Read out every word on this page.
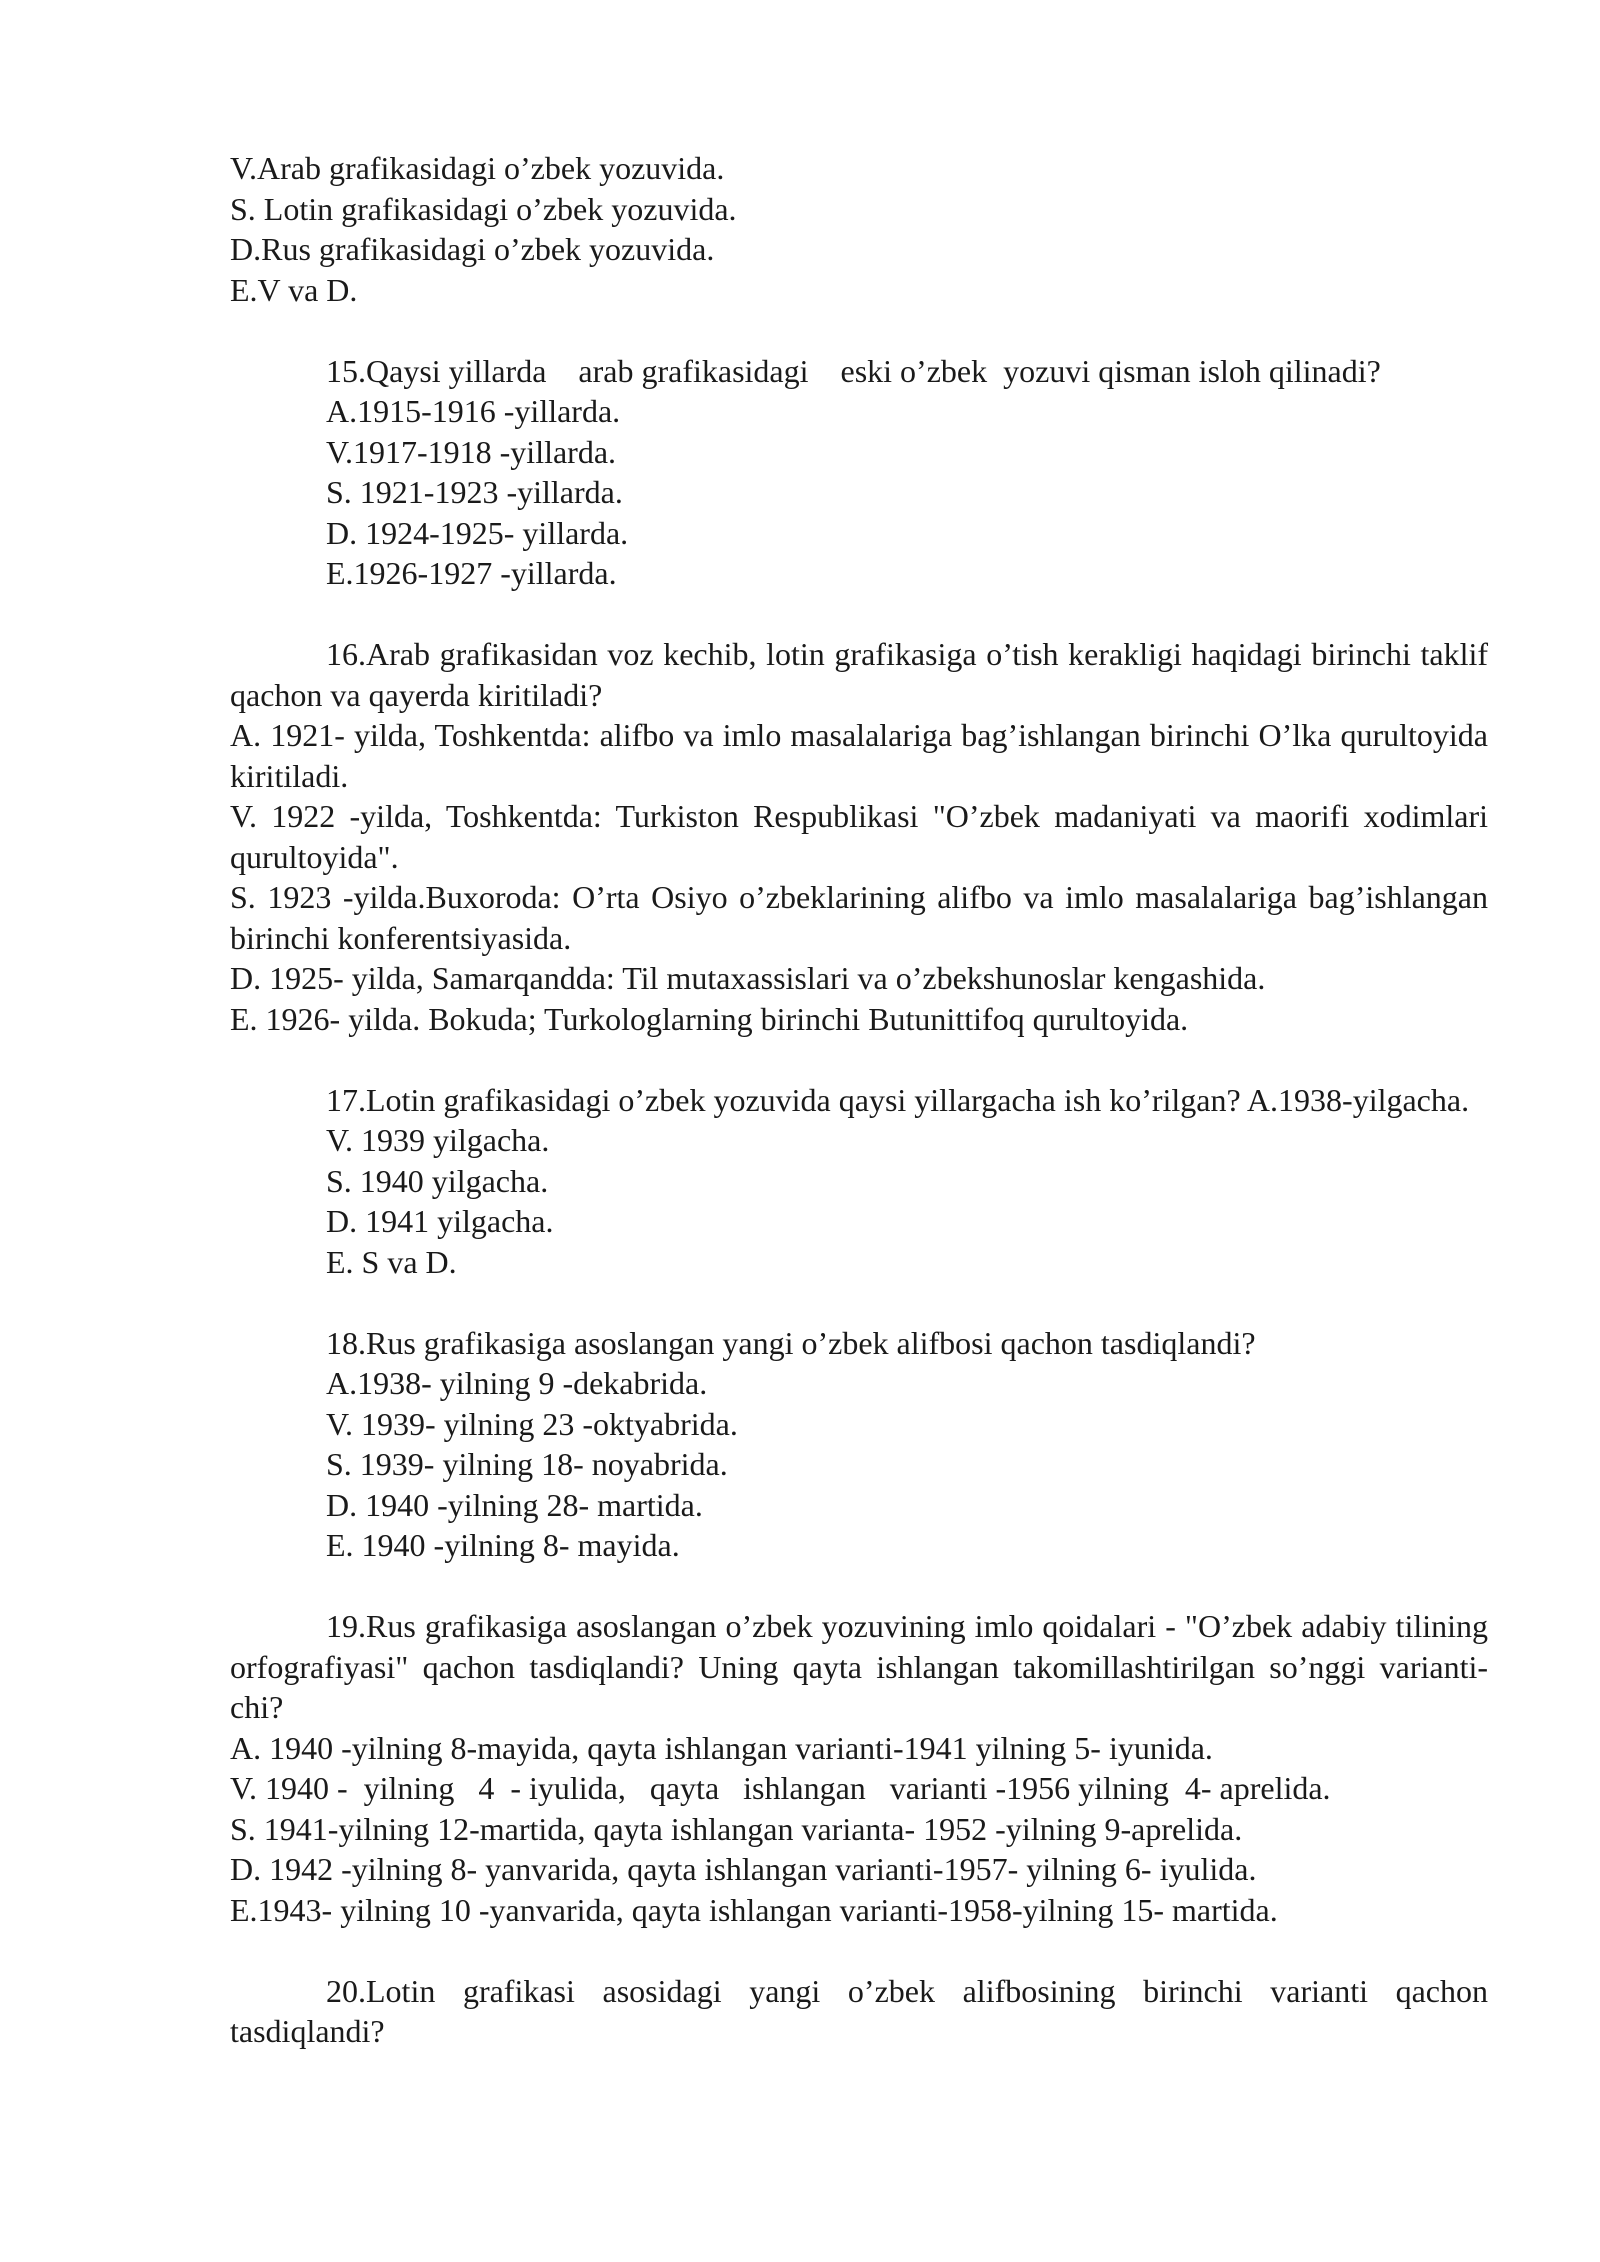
V.Arab grafikasidagi o’zbek yozuvida.
S. Lotin grafikasidagi o’zbek yozuvida.
D.Rus grafikasidagi o’zbek yozuvida.
E.V va D.
15.Qaysi yillarda    arab grafikasidagi    eski o’zbek  yozuvi qisman isloh qilinadi?
A.1915-1916 -yillarda.
V.1917-1918 -yillarda.
S. 1921-1923 -yillarda.
D. 1924-1925- yillarda.
E.1926-1927 -yillarda.
16.Arab grafikasidan voz kechib, lotin grafikasiga o’tish kerakligi haqidagi birinchi taklif qachon va qayerda kiritiladi?
A. 1921- yilda, Toshkentda: alifbo va imlo masalalariga bag’ishlangan birinchi O’lka qurultoyida kiritiladi.
V. 1922 -yilda, Toshkentda: Turkiston Respublikasi "O’zbek madaniyati va maorifi xodimlari qurultoyida".
S. 1923 -yilda.Buxoroda: O’rta Osiyo o’zbeklarining alifbo va imlo masalalariga bag’ishlangan birinchi konferentsiyasida.
D. 1925- yilda, Samarqandda: Til mutaxassislari va o’zbekshunoslar kengashida.
E. 1926- yilda. Bokuda; Turkologlarning birinchi Butunittifoq qurultoyida.
17.Lotin grafikasidagi o’zbek yozuvida qaysi yillargacha ish ko’rilgan? A.1938-yilgacha.
V. 1939 yilgacha.
S. 1940 yilgacha.
D. 1941 yilgacha.
E. S va D.
18.Rus grafikasiga asoslangan yangi o’zbek alifbosi qachon tasdiqlandi?
A.1938- yilning 9 -dekabrida.
V. 1939- yilning 23 -oktyabrida.
S. 1939- yilning 18- noyabrida.
D. 1940 -yilning 28- martida.
E. 1940 -yilning 8- mayida.
19.Rus grafikasiga asoslangan o’zbek yozuvining imlo qoidalari - "O’zbek adabiy tilining orfografiyasi" qachon tasdiqlandi? Uning qayta ishlangan takomillashtirilgan so’nggi varianti-chi?
A. 1940 -yilning 8-mayida, qayta ishlangan varianti-1941 yilning 5- iyunida.
V. 1940 -  yilning   4  - iyulida,   qayta   ishlangan   varianti -1956 yilning  4- aprelida.
S. 1941-yilning 12-martida, qayta ishlangan varianta- 1952 -yilning 9-aprelida.
D. 1942 -yilning 8- yanvarida, qayta ishlangan varianti-1957- yilning 6- iyulida.
E.1943- yilning 10 -yanvarida, qayta ishlangan varianti-1958-yilning 15- martida.
20.Lotin grafikasi asosidagi yangi o’zbek alifbosining birinchi varianti qachon tasdiqlandi?
